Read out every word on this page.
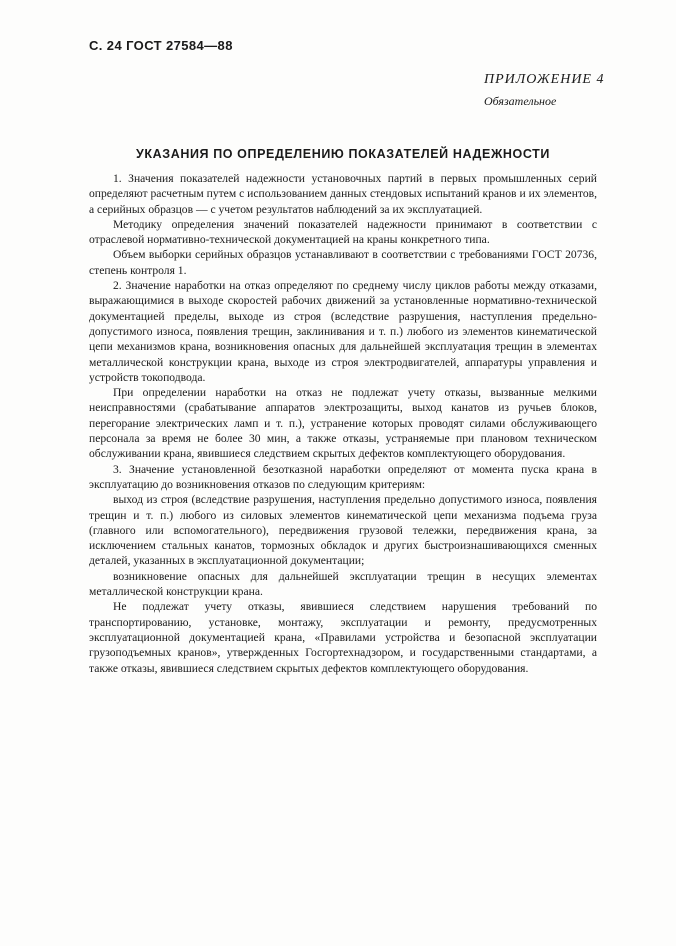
С. 24 ГОСТ 27584—88
ПРИЛОЖЕНИЕ 4
Обязательное
УКАЗАНИЯ ПО ОПРЕДЕЛЕНИЮ ПОКАЗАТЕЛЕЙ НАДЕЖНОСТИ

1. Значения показателей надежности установочных партий в первых промышленных серий определяют расчетным путем с использованием данных стендовых испытаний кранов и их элементов, а серийных образцов — с учетом результатов наблюдений за их эксплуатацией.

Методику определения значений показателей надежности принимают в соответствии с отраслевой нормативно-технической документацией на краны конкретного типа.

Объем выборки серийных образцов устанавливают в соответствии с требованиями ГОСТ 20736, степень контроля 1.

2. Значение наработки на отказ определяют по среднему числу циклов работы между отказами, выражающимися в выходе скоростей рабочих движений за установленные нормативно-технической документацией пределы, выходе из строя (вследствие разрушения, наступления предельно-допустимого износа, появления трещин, заклинивания и т. п.) любого из элементов кинематической цепи механизмов крана, возникновения опасных для дальнейшей эксплуатация трещин в элементах металлической конструкции крана, выходе из строя электродвигателей, аппаратуры управления и устройств токоподвода.

При определении наработки на отказ не подлежат учету отказы, вызванные мелкими неисправностями (срабатывание аппаратов электрозащиты, выход канатов из ручьев блоков, перегорание электрических ламп и т. п.), устранение которых проводят силами обслуживающего персонала за время не более 30 мин, а также отказы, устраняемые при плановом техническом обслуживании крана, явившиеся следствием скрытых дефектов комплектующего оборудования.

3. Значение установленной безотказной наработки определяют от момента пуска крана в эксплуатацию до возникновения отказов по следующим критериям:

выход из строя (вследствие разрушения, наступления предельно допустимого износа, появления трещин и т. п.) любого из силовых элементов кинематической цепи механизма подъема груза (главного или вспомогательного), передвижения грузовой тележки, передвижения крана, за исключением стальных канатов, тормозных обкладок и других быстроизнашивающихся сменных деталей, указанных в эксплуатационной документации;

возникновение опасных для дальнейшей эксплуатации трещин в несущих элементах металлической конструкции крана.

Не подлежат учету отказы, явившиеся следствием нарушения требований по транспортированию, установке, монтажу, эксплуатации и ремонту, предусмотренных эксплуатационной документацией крана, «Правилами устройства и безопасной эксплуатации грузоподъемных кранов», утвержденных Госгортехнадзором, и государственными стандартами, а также отказы, явившиеся следствием скрытых дефектов комплектующего оборудования.
